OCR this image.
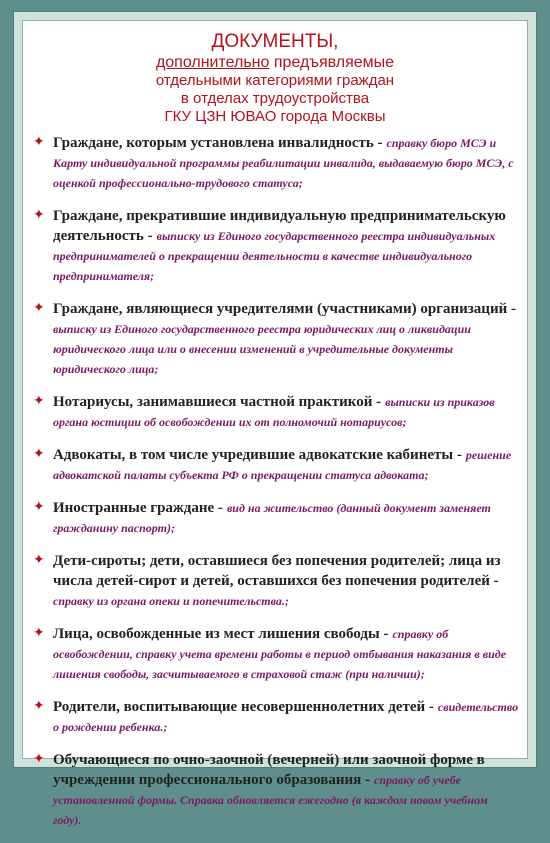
ДОКУМЕНТЫ,
дополнительно предъявляемые
отдельными категориями граждан
в отделах трудоустройства
ГКУ ЦЗН ЮВАО города Москвы
✦ Граждане, которым установлена инвалидность - справку бюро МСЭ и Карту индивидуальной программы реабилитации инвалида, выдаваемую бюро МСЭ, с оценкой профессионально-трудового статуса;
✦ Граждане, прекратившие индивидуальную предпринимательскую деятельность - выписку из Единого государственного реестра индивидуальных предпринимателей о прекращении деятельности в качестве индивидуального предпринимателя;
✦ Граждане, являющиеся учредителями (участниками) организаций - выписку из Единого государственного реестра юридических лиц о ликвидации юридического лица или о внесении изменений в учредительные документы юридического лица;
✦ Нотариусы, занимавшиеся частной практикой - выписки из приказов органа юстиции об освобождении их от полномочий нотариусов;
✦ Адвокаты, в том числе учредившие адвокатские кабинеты - решение адвокатской палаты субъекта РФ о прекращении статуса адвоката;
✦ Иностранные граждане - вид на жительство (данный документ заменяет гражданину паспорт);
✦ Дети-сироты; дети, оставшиеся без попечения родителей; лица из числа детей-сирот и детей, оставшихся без попечения родителей - справку из органа опеки и попечительства.;
✦ Лица, освобожденные из мест лишения свободы - справку об освобождении, справку учета времени работы в период отбывания наказания в виде лишения свободы, засчитываемого в страховой стаж (при наличии);
✦ Родители, воспитывающие несовершеннолетних детей - свидетельство о рождении ребенка.;
✦ Обучающиеся по очно-заочной (вечерней) или заочной форме в учреждении профессионального образования - справку об учебе установленной формы. Справка обновляется ежегодно (в каждом новом учебном году).
